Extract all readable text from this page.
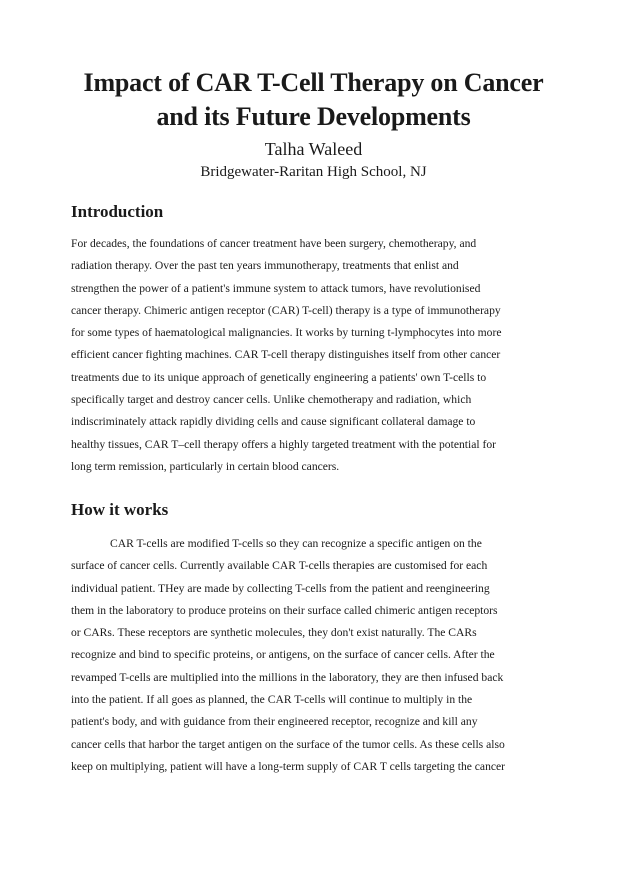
Impact of CAR T-Cell Therapy on Cancer
and its Future Developments
Talha Waleed
Bridgewater-Raritan High School, NJ
Introduction
For decades, the foundations of cancer treatment have been surgery, chemotherapy, and
radiation therapy. Over the past ten years immunotherapy, treatments that enlist and
strengthen the power of a patient's immune system to attack tumors, have revolutionised
cancer therapy. Chimeric antigen receptor (CAR) T-cell) therapy is a type of immunotherapy
for some types of haematological malignancies. It works by turning t-lymphocytes into more
efficient cancer fighting machines. CAR T-cell therapy distinguishes itself from other cancer
treatments due to its unique approach of genetically engineering a patients' own T-cells to
specifically target and destroy cancer cells. Unlike chemotherapy and radiation, which
indiscriminately attack rapidly dividing cells and cause significant collateral damage to
healthy tissues, CAR T–cell therapy offers a highly targeted treatment with the potential for
long term remission, particularly in certain blood cancers.
How it works
CAR T-cells are modified T-cells so they can recognize a specific antigen on the
surface of cancer cells. Currently available CAR T-cells therapies are customised for each
individual patient. THey are made by collecting T-cells from the patient and reengineering
them in the laboratory to produce proteins on their surface called chimeric antigen receptors
or CARs. These receptors are synthetic molecules, they don't exist naturally. The CARs
recognize and bind to specific proteins, or antigens, on the surface of cancer cells. After the
revamped T-cells are multiplied into the millions in the laboratory, they are then infused back
into the patient. If all goes as planned, the CAR T-cells will continue to multiply in the
patient's body, and with guidance from their engineered receptor, recognize and kill any
cancer cells that harbor the target antigen on the surface of the tumor cells. As these cells also
keep on multiplying, patient will have a long-term supply of CAR T cells targeting the cancer
